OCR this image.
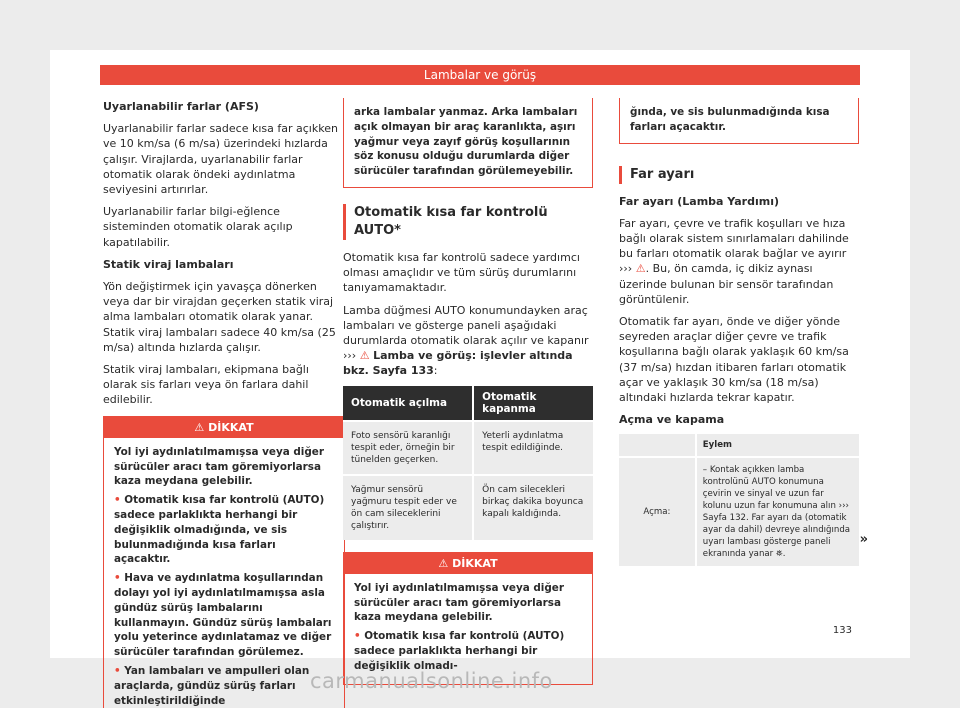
Lambalar ve görüş

Uyarlanabilir farlar (AFS)

Uyarlanabilir farlar sadece kısa far açıkken ve 10 km/sa (6 m/sa) üzerindeki hızlarda çalışır. Virajlarda, uyarlanabilir farlar otomatik olarak öndeki aydınlatma seviyesini artırırlar.

Uyarlanabilir farlar bilgi-eğlence sisteminden otomatik olarak açılıp kapatılabilir.

Statik viraj lambaları

Yön değiştirmek için yavaşça dönerken veya dar bir virajdan geçerken statik viraj alma lambaları otomatik olarak yanar. Statik viraj lambaları sadece 40 km/sa (25 m/sa) altında hızlarda çalışır.

Statik viraj lambaları, ekipmana bağlı olarak sis farları veya ön farlara dahil edilebilir.

⚠ DİKKAT

Yol iyi aydınlatılmamışsa veya diğer sürücüler aracı tam göremiyorlarsa kaza meydana gelebilir.

• Otomatik kısa far kontrolü (AUTO) sadece parlaklıkta herhangi bir değişiklik olmadığında, ve sis bulunmadığında kısa farları açacaktır.

• Hava ve aydınlatma koşullarından dolayı yol iyi aydınlatılmamışsa asla gündüz sürüş lambalarını kullanmayın. Gündüz sürüş lambaları yolu yeterince aydınlatamaz ve diğer sürücüler tarafından görülemez.

• Yan lambaları ve ampulleri olan araçlarda, gündüz sürüş farları etkinleştirildiğinde

arka lambalar yanmaz. Arka lambaları açık olmayan bir araç karanlıkta, aşırı yağmur veya zayıf görüş koşullarının söz konusu olduğu durumlarda diğer sürücüler tarafından görülemeyebilir.
Otomatik kısa far kontrolü AUTO*

Otomatik kısa far kontrolü sadece yardımcı olması amaçlıdır ve tüm sürüş durumlarını tanıyamamaktadır.

Lamba düğmesi AUTO konumundayken araç lambaları ve gösterge paneli aşağıdaki durumlarda otomatik olarak açılır ve kapanır ››› ⚠ Lamba ve görüş: işlevler altında bkz. Sayfa 133:

Otomatik açılma	Otomatik kapanma
Foto sensörü karanlığı tespit eder, örneğin bir tünelden geçerken.	Yeterli aydınlatma tespit edildiğinde.
Yağmur sensörü yağmuru tespit eder ve ön cam sileceklerini çalıştırır.	Ön cam silecekleri birkaç dakika boyunca kapalı kaldığında.
⚠ DİKKAT

Yol iyi aydınlatılmamışsa veya diğer sürücüler aracı tam göremiyorlarsa kaza meydana gelebilir.

• Otomatik kısa far kontrolü (AUTO) sadece parlaklıkta herhangi bir değişiklik olmadı-

ğında, ve sis bulunmadığında kısa farları açacaktır.
Far ayarı

Far ayarı (Lamba Yardımı)

Far ayarı, çevre ve trafik koşulları ve hıza bağlı olarak sistem sınırlamaları dahilinde bu farları otomatik olarak bağlar ve ayırır ››› ⚠. Bu, ön camda, iç dikiz aynası üzerinde bulunan bir sensör tarafından görüntülenir.

Otomatik far ayarı, önde ve diğer yönde seyreden araçlar diğer çevre ve trafik koşullarına bağlı olarak yaklaşık 60 km/sa (37 m/sa) hızdan itibaren farları otomatik açar ve yaklaşık 30 km/sa (18 m/sa) altındaki hızlarda tekrar kapatır.

Açma ve kapama

	Eylem
Açma:	– Kontak açıkken lamba kontrolünü AUTO konumuna çevirin ve sinyal ve uzun far kolunu uzun far konumuna alın ››› Sayfa 132. Far ayarı da (otomatik ayar da dahil) devreye alındığında uyarı lambası gösterge paneli ekranında yanar ⛯.
»
133
carmanualsonline.info
